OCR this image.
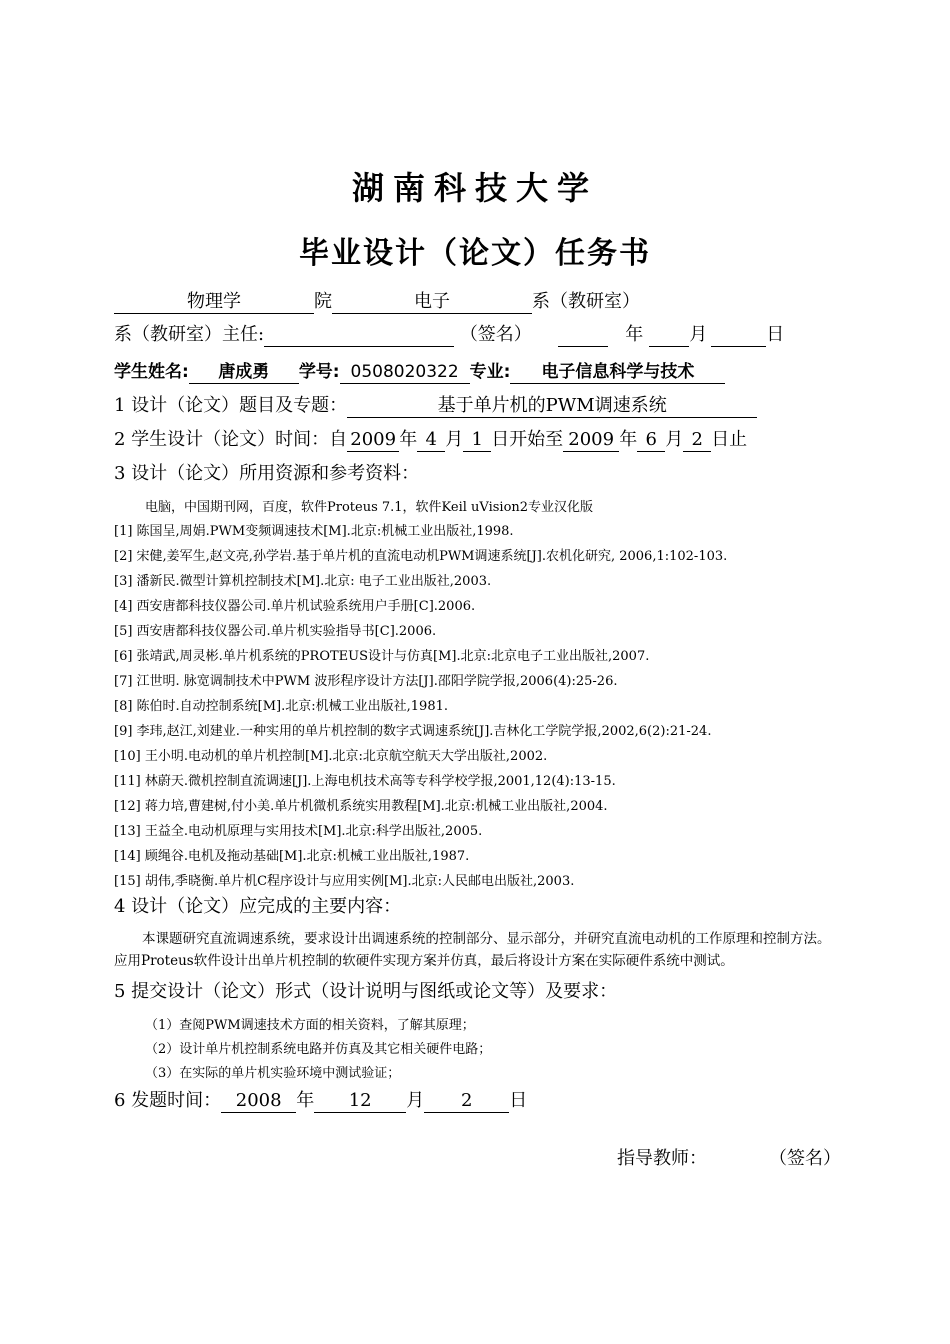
湖南科技大学
毕业设计（论文）任务书
物理学	院	电子	系（教研室）
系（教研室）主任:	（签名）	年	月	日
学生姓名: 唐成勇 学号: 0508020322 专业: 电子信息科学与技术
1 设计（论文）题目及专题：	基于单片机的PWM调速系统
2 学生设计（论文）时间：自 2009 年 4 月 1 日开始至 2009 年 6 月 2 日止
3 设计（论文）所用资源和参考资料：
电脑，中国期刊网，百度，软件Proteus 7.1，软件Keil uVision2专业汉化版
[1] 陈国呈,周娟.PWM变频调速技术[M].北京:机械工业出版社,1998.
[2] 宋健,姜军生,赵文亮,孙学岩.基于单片机的直流电动机PWM调速系统[J].农机化研究, 2006,1:102-103.
[3] 潘新民.微型计算机控制技术[M].北京: 电子工业出版社,2003.
[4] 西安唐都科技仪器公司.单片机试验系统用户手册[C].2006.
[5] 西安唐都科技仪器公司.单片机实验指导书[C].2006.
[6] 张靖武,周灵彬.单片机系统的PROTEUS设计与仿真[M].北京:北京电子工业出版社,2007.
[7] 江世明. 脉宽调制技术中PWM 波形程序设计方法[J].邵阳学院学报,2006(4):25-26.
[8] 陈伯时.自动控制系统[M].北京:机械工业出版社,1981.
[9] 李玮,赵江,刘建业.一种实用的单片机控制的数字式调速系统[J].吉林化工学院学报,2002,6(2):21-24.
[10] 王小明.电动机的单片机控制[M].北京:北京航空航天大学出版社,2002.
[11] 林蔚天.微机控制直流调速[J].上海电机技术高等专科学校学报,2001,12(4):13-15.
[12] 蒋力培,曹建树,付小美.单片机微机系统实用教程[M].北京:机械工业出版社,2004.
[13] 王益全.电动机原理与实用技术[M].北京:科学出版社,2005.
[14] 顾绳谷.电机及拖动基础[M].北京:机械工业出版社,1987.
[15] 胡伟,季晓衡.单片机C程序设计与应用实例[M].北京:人民邮电出版社,2003.
4 设计（论文）应完成的主要内容：
本课题研究直流调速系统，要求设计出调速系统的控制部分、显示部分，并研究直流电动机的工作原理和控制方法。应用Proteus软件设计出单片机控制的软硬件实现方案并仿真，最后将设计方案在实际硬件系统中测试。
5 提交设计（论文）形式（设计说明与图纸或论文等）及要求：
（1）查阅PWM调速技术方面的相关资料，了解其原理；
（2）设计单片机控制系统电路并仿真及其它相关硬件电路；
（3）在实际的单片机实验环境中测试验证；
6 发题时间： 2008 年 12 月 2 日
指导教师：	（签名）
